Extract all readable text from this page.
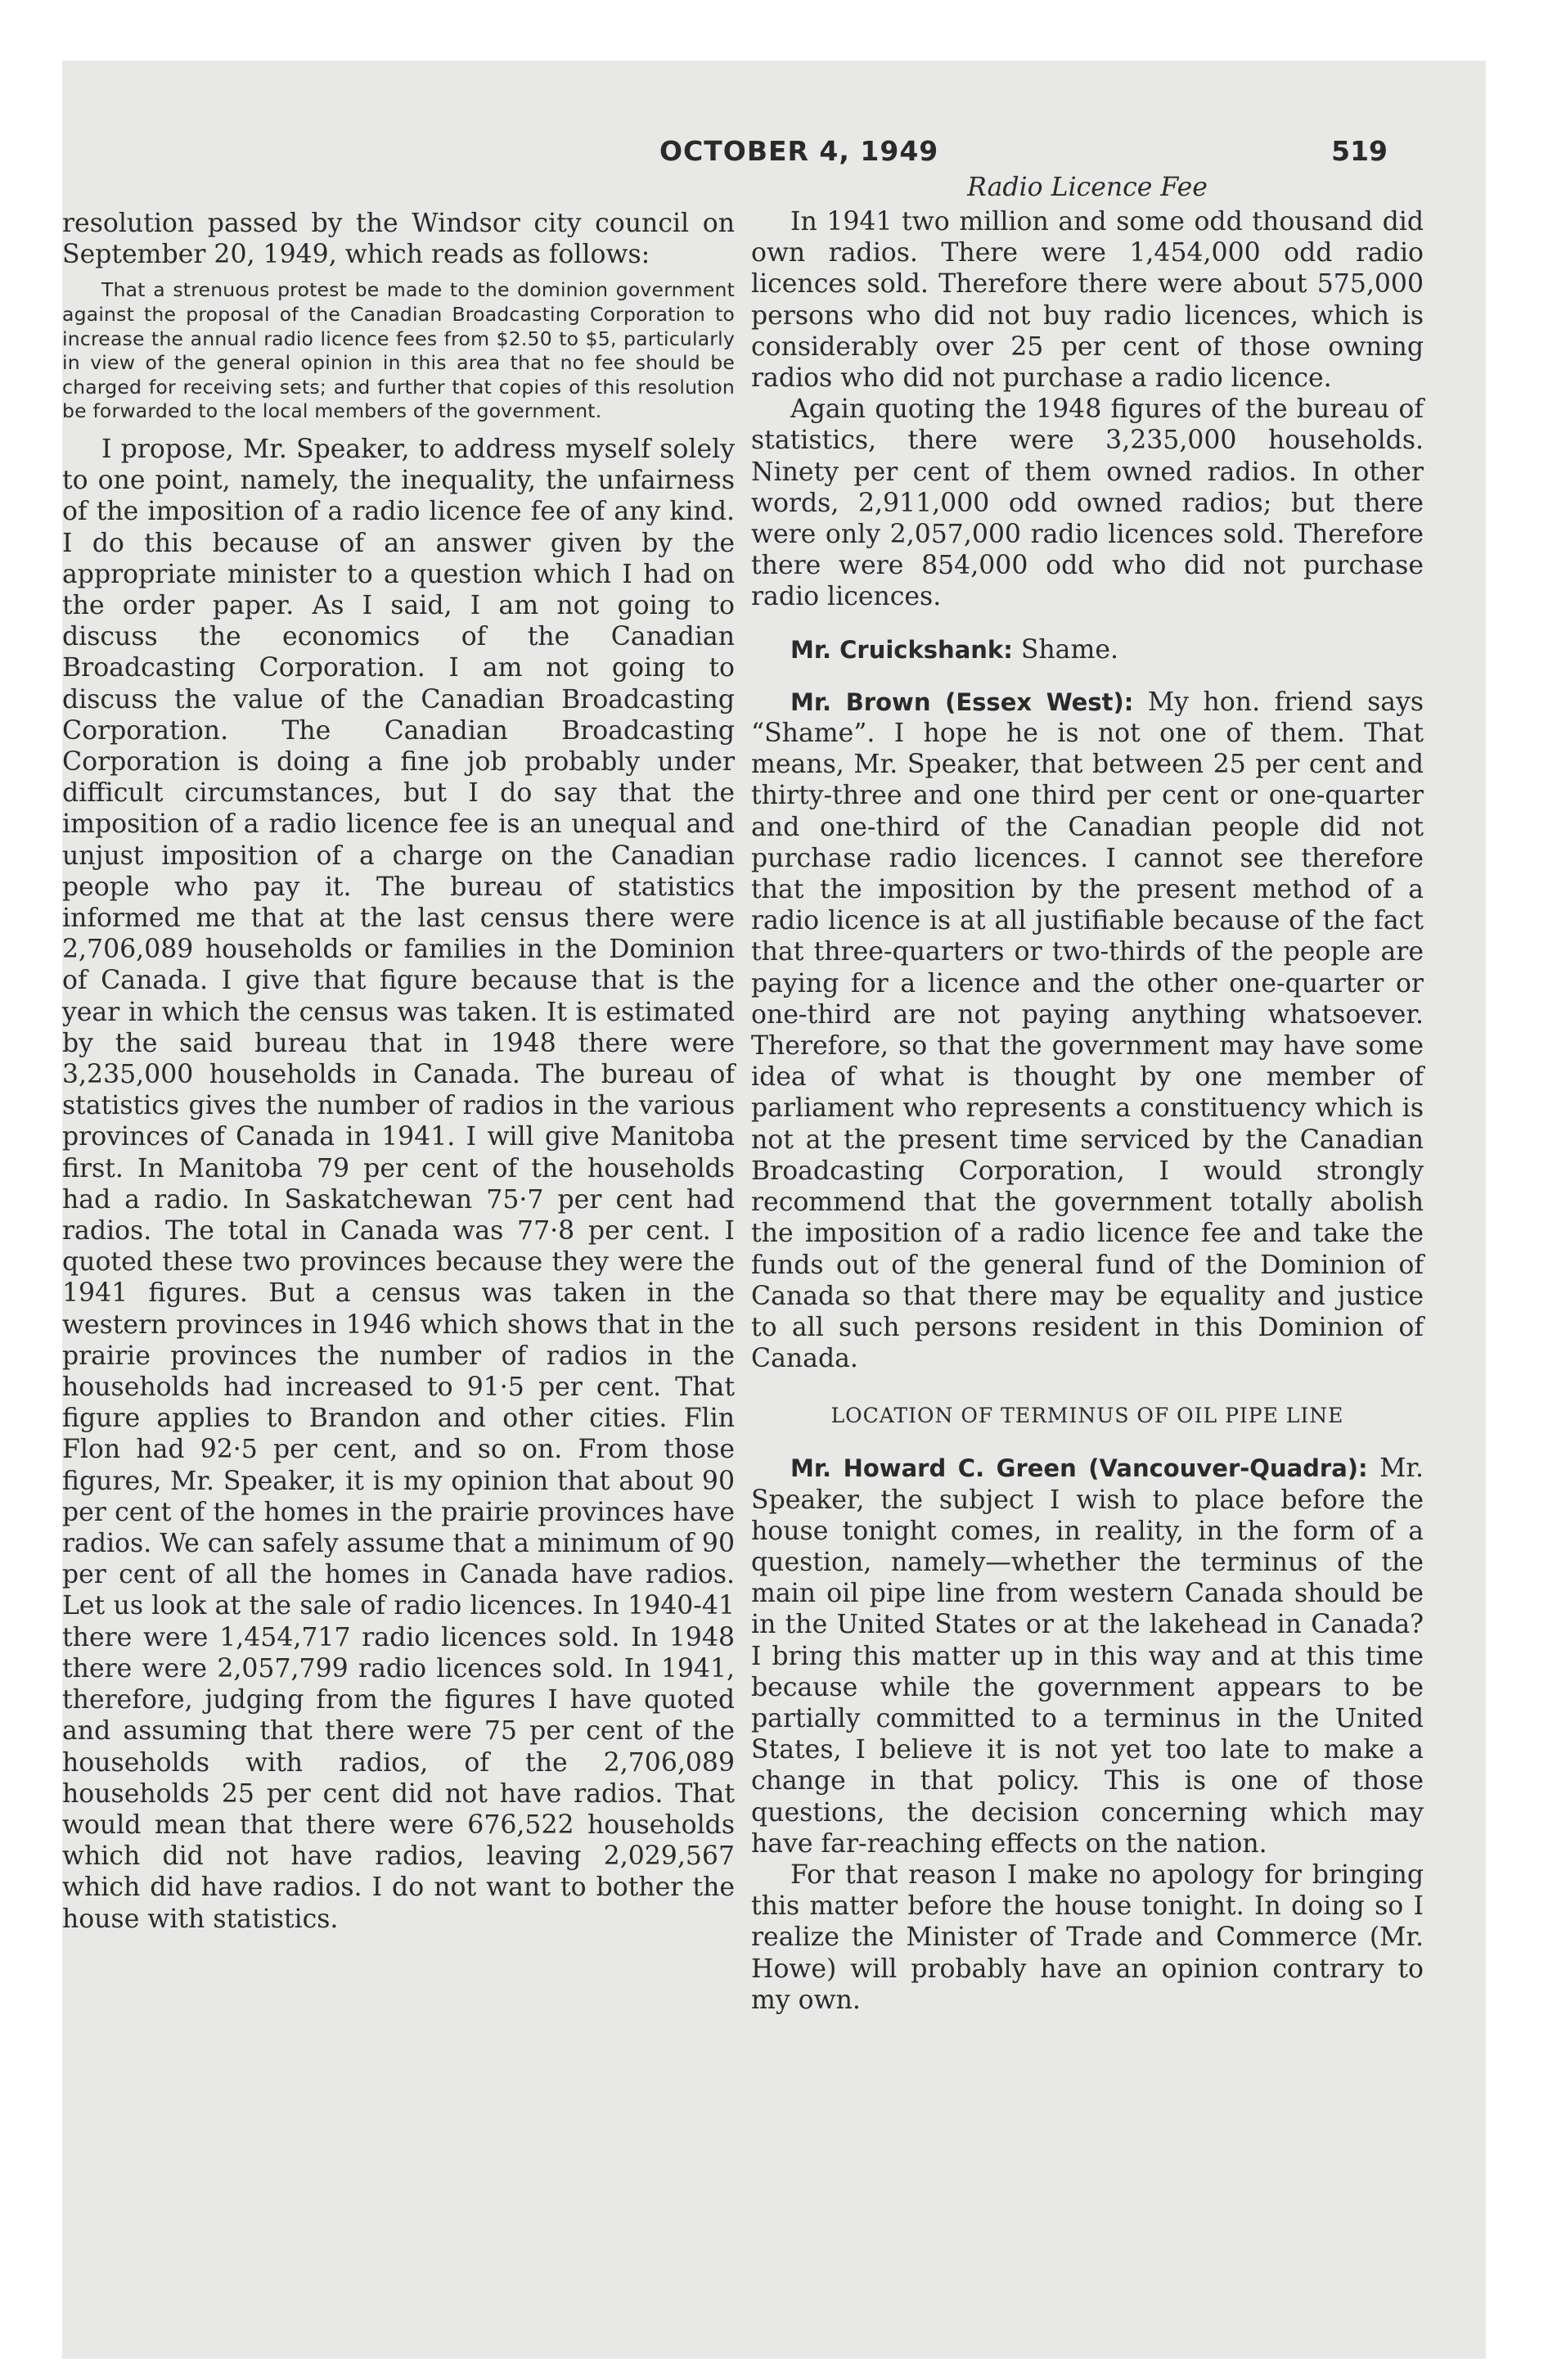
OCTOBER 4, 1949	519

resolution passed by the Windsor city council on September 20, 1949, which reads as follows:

That a strenuous protest be made to the dominion government against the proposal of the Canadian Broadcasting Corporation to increase the annual radio licence fees from $2.50 to $5, particularly in view of the general opinion in this area that no fee should be charged for receiving sets; and further that copies of this resolution be forwarded to the local members of the government.

I propose, Mr. Speaker, to address myself solely to one point, namely, the inequality, the unfairness of the imposition of a radio licence fee of any kind. I do this because of an answer given by the appropriate minister to a question which I had on the order paper. As I said, I am not going to discuss the economics of the Canadian Broadcasting Corporation. I am not going to discuss the value of the Canadian Broadcasting Corporation. The Canadian Broadcasting Corporation is doing a fine job probably under difficult circumstances, but I do say that the imposition of a radio licence fee is an unequal and unjust imposition of a charge on the Canadian people who pay it. The bureau of statistics informed me that at the last census there were 2,706,089 households or families in the Dominion of Canada. I give that figure because that is the year in which the census was taken. It is estimated by the said bureau that in 1948 there were 3,235,000 households in Canada. The bureau of statistics gives the number of radios in the various provinces of Canada in 1941. I will give Manitoba first. In Manitoba 79 per cent of the households had a radio. In Saskatchewan 75·7 per cent had radios. The total in Canada was 77·8 per cent. I quoted these two provinces because they were the 1941 figures. But a census was taken in the western provinces in 1946 which shows that in the prairie provinces the number of radios in the households had increased to 91·5 per cent. That figure applies to Brandon and other cities. Flin Flon had 92·5 per cent, and so on. From those figures, Mr. Speaker, it is my opinion that about 90 per cent of the homes in the prairie provinces have radios. We can safely assume that a minimum of 90 per cent of all the homes in Canada have radios. Let us look at the sale of radio licences. In 1940-41 there were 1,454,717 radio licences sold. In 1948 there were 2,057,799 radio licences sold. In 1941, therefore, judging from the figures I have quoted and assuming that there were 75 per cent of the households with radios, of the 2,706,089 households 25 per cent did not have radios. That would mean that there were 676,522 households which did not have radios, leaving 2,029,567 which did have radios. I do not want to bother the house with statistics.

Radio Licence Fee

In 1941 two million and some odd thousand did own radios. There were 1,454,000 odd radio licences sold. Therefore there were about 575,000 persons who did not buy radio licences, which is considerably over 25 per cent of those owning radios who did not purchase a radio licence.

Again quoting the 1948 figures of the bureau of statistics, there were 3,235,000 households. Ninety per cent of them owned radios. In other words, 2,911,000 odd owned radios; but there were only 2,057,000 radio licences sold. Therefore there were 854,000 odd who did not purchase radio licences.

Mr. Cruickshank: Shame.

Mr. Brown (Essex West): My hon. friend says “Shame”. I hope he is not one of them. That means, Mr. Speaker, that between 25 per cent and thirty-three and one third per cent or one-quarter and one-third of the Canadian people did not purchase radio licences. I cannot see therefore that the imposition by the present method of a radio licence is at all justifiable because of the fact that three-quarters or two-thirds of the people are paying for a licence and the other one-quarter or one-third are not paying anything whatsoever. Therefore, so that the government may have some idea of what is thought by one member of parliament who represents a constituency which is not at the present time serviced by the Canadian Broadcasting Corporation, I would strongly recommend that the government totally abolish the imposition of a radio licence fee and take the funds out of the general fund of the Dominion of Canada so that there may be equality and justice to all such persons resident in this Dominion of Canada.

LOCATION OF TERMINUS OF OIL PIPE LINE

Mr. Howard C. Green (Vancouver-Quadra): Mr. Speaker, the subject I wish to place before the house tonight comes, in reality, in the form of a question, namely—whether the terminus of the main oil pipe line from western Canada should be in the United States or at the lakehead in Canada? I bring this matter up in this way and at this time because while the government appears to be partially committed to a terminus in the United States, I believe it is not yet too late to make a change in that policy. This is one of those questions, the decision concerning which may have far-reaching effects on the nation.

For that reason I make no apology for bringing this matter before the house tonight. In doing so I realize the Minister of Trade and Commerce (Mr. Howe) will probably have an opinion contrary to my own.
